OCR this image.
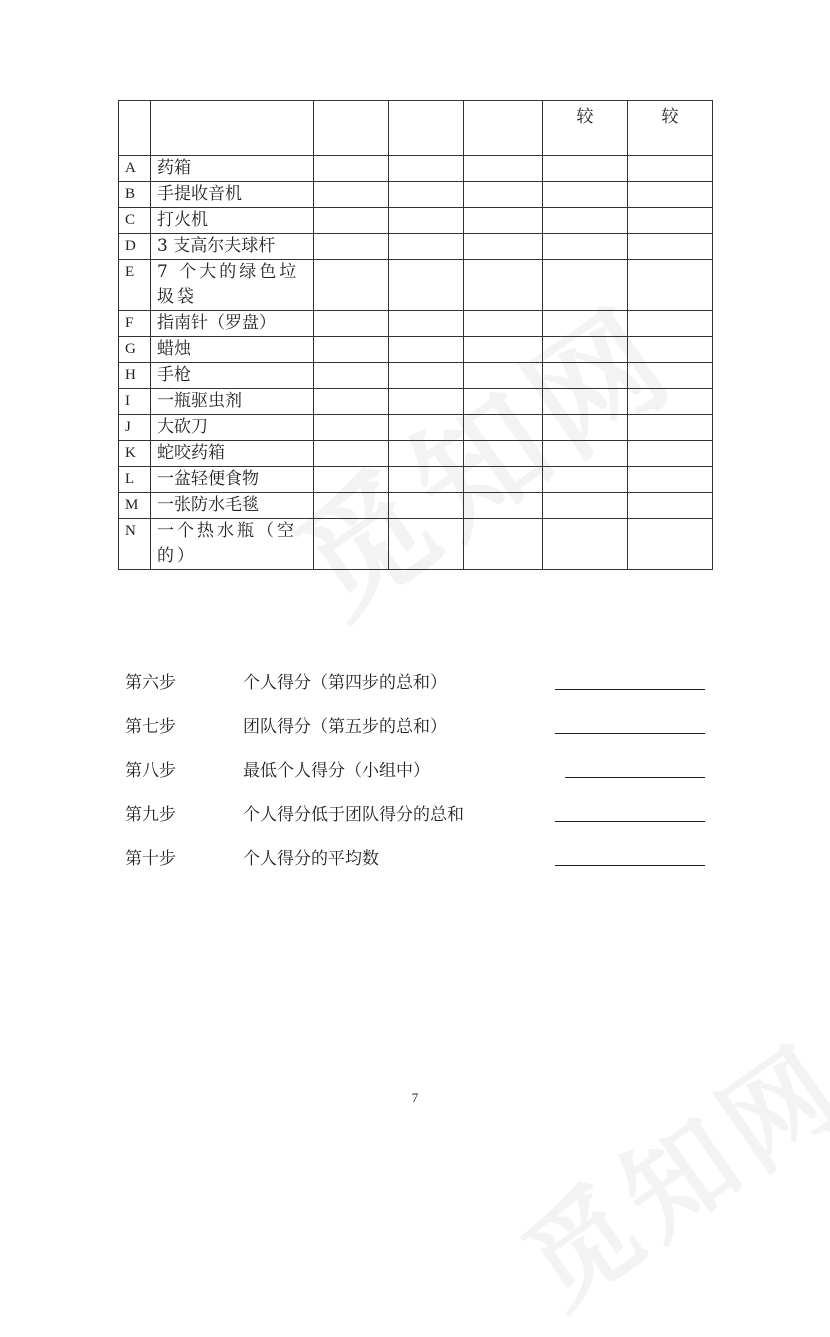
					较	较
A	药箱					
B	手提收音机					
C	打火机					
D	3 支高尔夫球杆					
E	7 个大的绿色垃圾袋					
F	指南针（罗盘）					
G	蜡烛					
H	手枪					
I	一瓶驱虫剂					
J	大砍刀					
K	蛇咬药箱					
L	一盆轻便食物					
M	一张防水毛毯					
N	一个热水瓶（空的）					
第六步	个人得分（第四步的总和）
第七步	团队得分（第五步的总和）
第八步	最低个人得分（小组中）
第九步	个人得分低于团队得分的总和
第十步	个人得分的平均数
7
